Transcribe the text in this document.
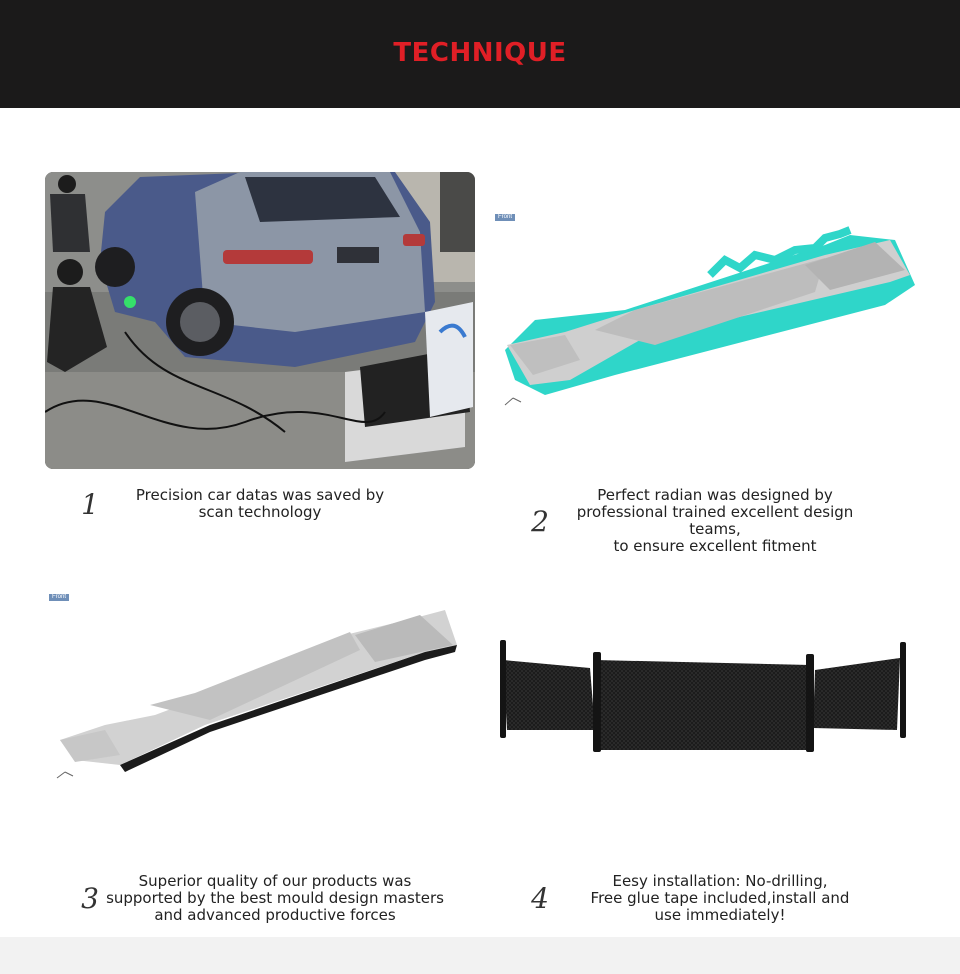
TECHNIQUE
Front
1	Precision car datas was saved by
scan technology	2
Perfect radian was designed by
professional trained excellent design teams,
to ensure excellent fitment
Front
3
Superior quality of our products was
supported by the best mould design masters
and advanced productive forces	4
Eesy installation: No-drilling,
Free glue tape included,install and
use immediately!
